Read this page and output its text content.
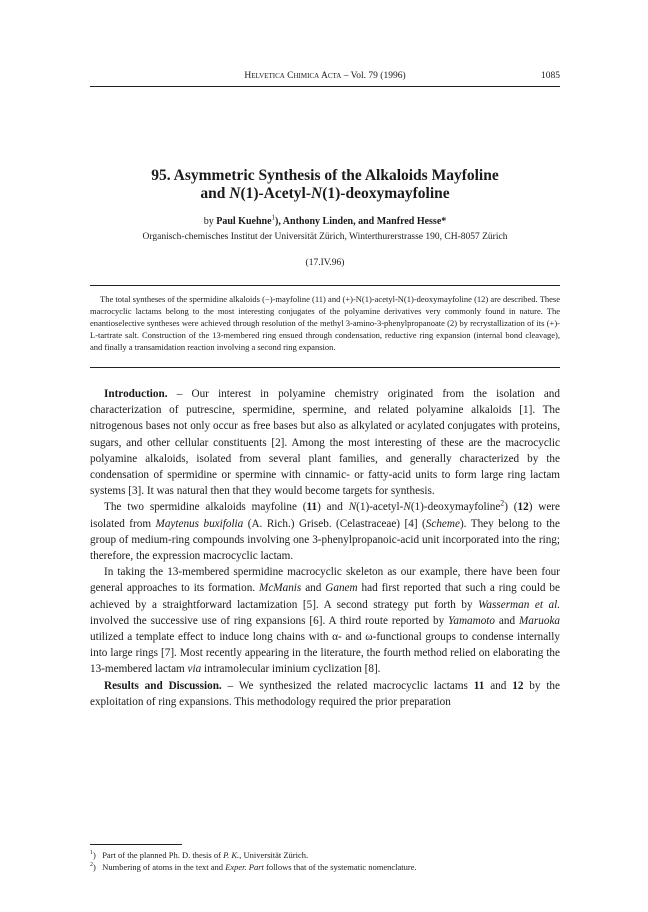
Helvetica Chimica Acta – Vol. 79 (1996)	1085
95. Asymmetric Synthesis of the Alkaloids Mayfoline
and N(1)-Acetyl-N(1)-deoxymayfoline
by Paul Kuehne$^1$), Anthony Linden, and Manfred Hesse*
Organisch-chemisches Institut der Universität Zürich, Winterthurerstrasse 190, CH-8057 Zürich
(17.IV.96)

The total syntheses of the spermidine alkaloids (−)-mayfoline (11) and (+)-N(1)-acetyl-N(1)-deoxymayfoline (12) are described. These macrocyclic lactams belong to the most interesting conjugates of the polyamine derivatives very commonly found in nature. The enantioselective syntheses were achieved through resolution of the methyl 3-amino-3-phenylpropanoate (2) by recrystallization of its (+)-L-tartrate salt. Construction of the 13-membered ring ensued through condensation, reductive ring expansion (internal bond cleavage), and finally a transamidation reaction involving a second ring expansion.

Introduction. – Our interest in polyamine chemistry originated from the isolation and characterization of putrescine, spermidine, spermine, and related polyamine alkaloids [1]. The nitrogenous bases not only occur as free bases but also as alkylated or acylated conjugates with proteins, sugars, and other cellular constituents [2]. Among the most interesting of these are the macrocyclic polyamine alkaloids, isolated from several plant families, and generally characterized by the condensation of spermidine or spermine with cinnamic- or fatty-acid units to form large ring lactam systems [3]. It was natural then that they would become targets for synthesis.

The two spermidine alkaloids mayfoline (11) and N(1)-acetyl-N(1)-deoxymayfoline$^2$) (12) were isolated from Maytenus buxifolia (A. Rich.) Griseb. (Celastraceae) [4] (Scheme). They belong to the group of medium-ring compounds involving one 3-phenylpropanoic-acid unit incorporated into the ring; therefore, the expression macrocyclic lactam.

In taking the 13-membered spermidine macrocyclic skeleton as our example, there have been four general approaches to its formation. McManis and Ganem had first reported that such a ring could be achieved by a straightforward lactamization [5]. A second strategy put forth by Wasserman et al. involved the successive use of ring expansions [6]. A third route reported by Yamamoto and Maruoka utilized a template effect to induce long chains with α- and ω-functional groups to condense internally into large rings [7]. Most recently appearing in the literature, the fourth method relied on elaborating the 13-membered lactam via intramolecular iminium cyclization [8].

Results and Discussion. – We synthesized the related macrocyclic lactams 11 and 12 by the exploitation of ring expansions. This methodology required the prior preparation

$^1$)   Part of the planned Ph. D. thesis of P. K., Universität Zürich.
$^2$)   Numbering of atoms in the text and Exper. Part follows that of the systematic nomenclature.
